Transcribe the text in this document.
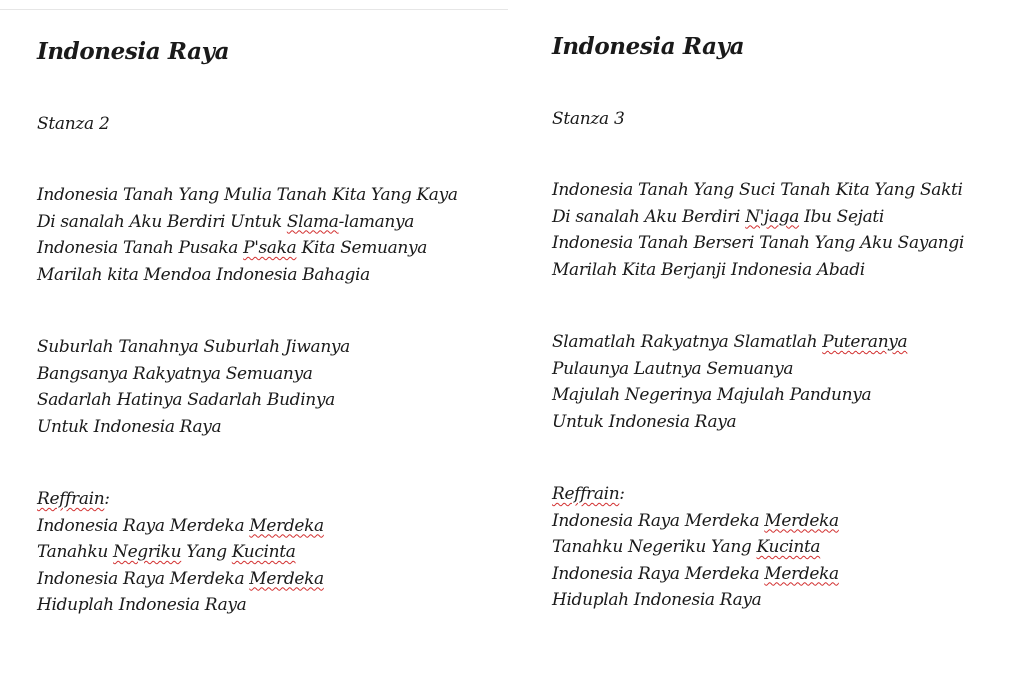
Indonesia Raya
Stanza 2
Indonesia Tanah Yang Mulia Tanah Kita Yang Kaya
Di sanalah Aku Berdiri Untuk Slama-lamanya
Indonesia Tanah Pusaka P'saka Kita Semuanya
Marilah kita Mendoa Indonesia Bahagia
Suburlah Tanahnya Suburlah Jiwanya
Bangsanya Rakyatnya Semuanya
Sadarlah Hatinya Sadarlah Budinya
Untuk Indonesia Raya
Reffrain:
Indonesia Raya Merdeka Merdeka
Tanahku Negriku Yang Kucinta
Indonesia Raya Merdeka Merdeka
Hiduplah Indonesia Raya
Indonesia Raya
Stanza 3
Indonesia Tanah Yang Suci Tanah Kita Yang Sakti
Di sanalah Aku Berdiri N'jaga Ibu Sejati
Indonesia Tanah Berseri Tanah Yang Aku Sayangi
Marilah Kita Berjanji Indonesia Abadi
Slamatlah Rakyatnya Slamatlah Puteranya
Pulaunya Lautnya Semuanya
Majulah Negerinya Majulah Pandunya
Untuk Indonesia Raya
Reffrain:
Indonesia Raya Merdeka Merdeka
Tanahku Negeriku Yang Kucinta
Indonesia Raya Merdeka Merdeka
Hiduplah Indonesia Raya
